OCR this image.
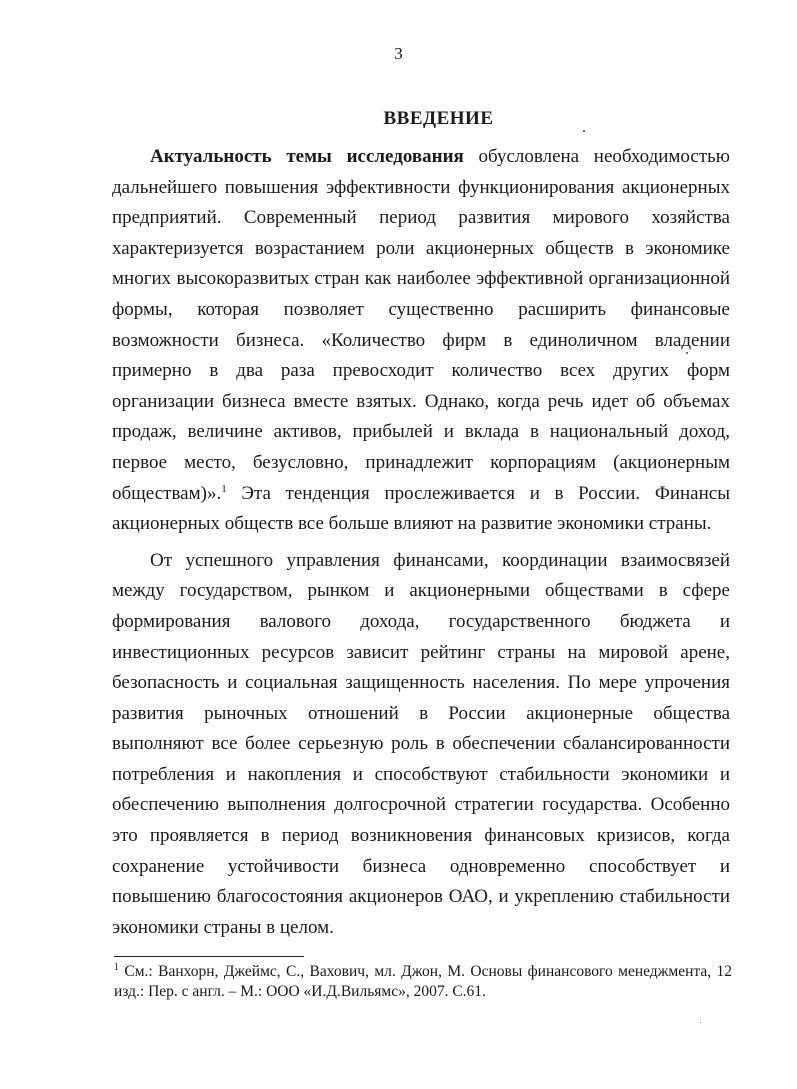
3
ВВЕДЕНИЕ

Актуальность темы исследования обусловлена необходимостью дальнейшего повышения эффективности функционирования акционерных предприятий. Современный период развития мирового хозяйства характеризуется возрастанием роли акционерных обществ в экономике многих высокоразвитых стран как наиболее эффективной организационной формы, которая позволяет существенно расширить финансовые возможности бизнеса. «Количество фирм в единоличном владении примерно в два раза превосходит количество всех других форм организации бизнеса вместе взятых. Однако, когда речь идет об объемах продаж, величине активов, прибылей и вклада в национальный доход, первое место, безусловно, принадлежит корпорациям (акционерным обществам)».$^1$ Эта тенденция прослеживается и в России. Финансы акционерных обществ все больше влияют на развитие экономики страны.

От успешного управления финансами, координации взаимосвязей между государством, рынком и акционерными обществами в сфере формирования валового дохода, государственного бюджета и инвестиционных ресурсов зависит рейтинг страны на мировой арене, безопасность и социальная защищенность населения. По мере упрочения развития рыночных отношений в России акционерные общества выполняют все более серьезную роль в обеспечении сбалансированности потребления и накопления и способствуют стабильности экономики и обеспечению выполнения долгосрочной стратегии государства. Особенно это проявляется в период возникновения финансовых кризисов, когда сохранение устойчивости бизнеса одновременно способствует и повышению благосостояния акционеров ОАО, и укреплению стабильности экономики страны в целом.

$^1$ См.: Ванхорн, Джеймс, С., Вахович, мл. Джон, М. Основы финансового менеджмента, 12 изд.: Пер. с англ. – М.: ООО «И.Д.Вильямс», 2007. С.61.
